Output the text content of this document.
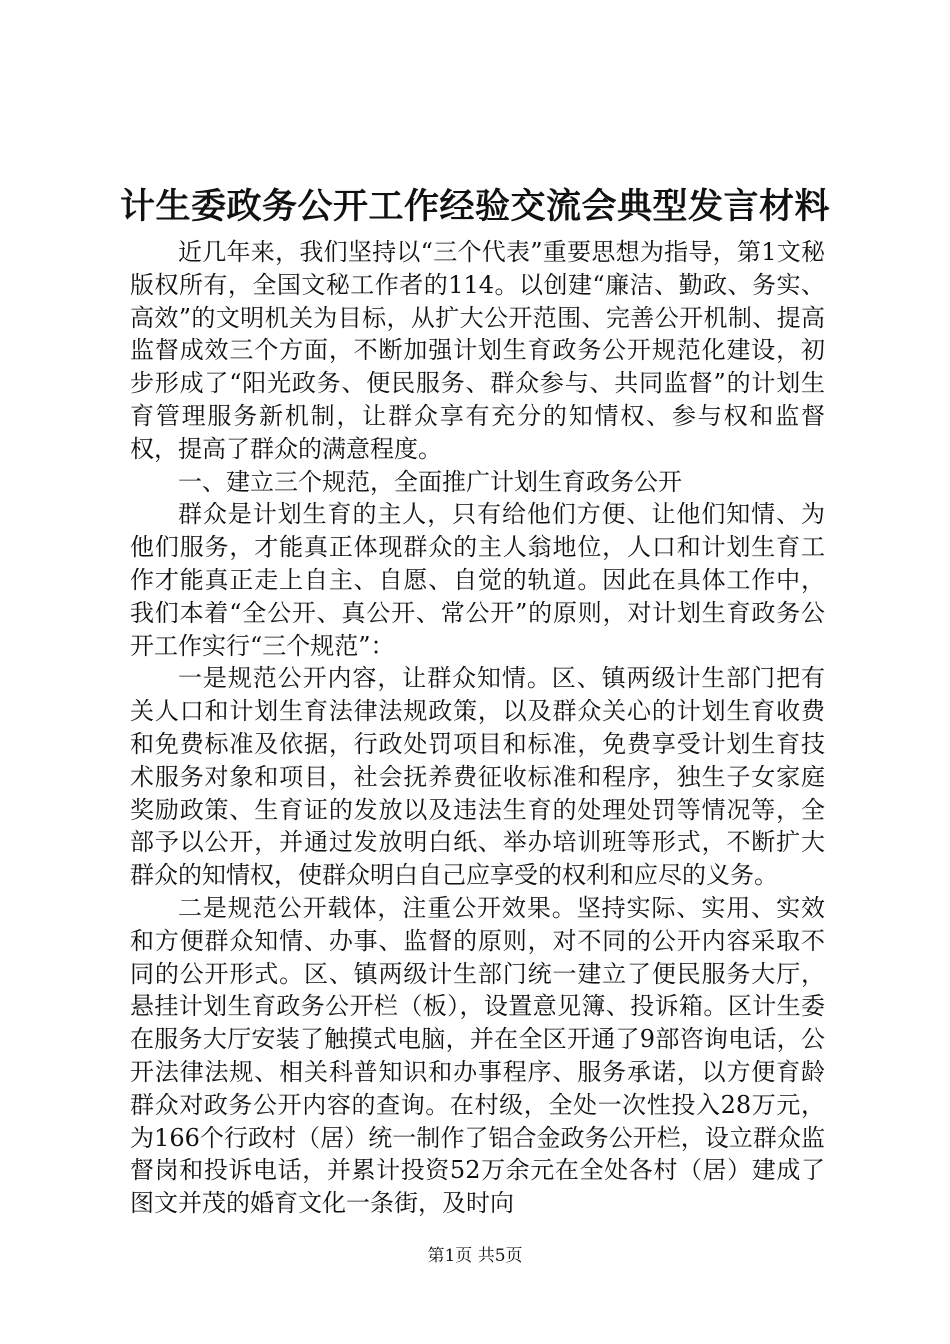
计生委政务公开工作经验交流会典型发言材料

近几年来，我们坚持以“三个代表”重要思想为指导，第1文秘版权所有，全国文秘工作者的114。以创建“廉洁、勤政、务实、高效”的文明机关为目标，从扩大公开范围、完善公开机制、提高监督成效三个方面，不断加强计划生育政务公开规范化建设，初步形成了“阳光政务、便民服务、群众参与、共同监督”的计划生育管理服务新机制，让群众享有充分的知情权、参与权和监督权，提高了群众的满意程度。

一、建立三个规范，全面推广计划生育政务公开

群众是计划生育的主人，只有给他们方便、让他们知情、为他们服务，才能真正体现群众的主人翁地位，人口和计划生育工作才能真正走上自主、自愿、自觉的轨道。因此在具体工作中，我们本着“全公开、真公开、常公开”的原则，对计划生育政务公开工作实行“三个规范”：

一是规范公开内容，让群众知情。区、镇两级计生部门把有关人口和计划生育法律法规政策，以及群众关心的计划生育收费和免费标准及依据，行政处罚项目和标准，免费享受计划生育技术服务对象和项目，社会抚养费征收标准和程序，独生子女家庭奖励政策、生育证的发放以及违法生育的处理处罚等情况等，全部予以公开，并通过发放明白纸、举办培训班等形式，不断扩大群众的知情权，使群众明白自己应享受的权利和应尽的义务。

二是规范公开载体，注重公开效果。坚持实际、实用、实效和方便群众知情、办事、监督的原则，对不同的公开内容采取不同的公开形式。区、镇两级计生部门统一建立了便民服务大厅，悬挂计划生育政务公开栏（板），设置意见簿、投诉箱。区计生委在服务大厅安装了触摸式电脑，并在全区开通了9部咨询电话，公开法律法规、相关科普知识和办事程序、服务承诺，以方便育龄群众对政务公开内容的查询。在村级，全处一次性投入28万元，为166个行政村（居）统一制作了铝合金政务公开栏，设立群众监督岗和投诉电话，并累计投资52万余元在全处各村（居）建成了图文并茂的婚育文化一条街，及时向

第1页 共5页
